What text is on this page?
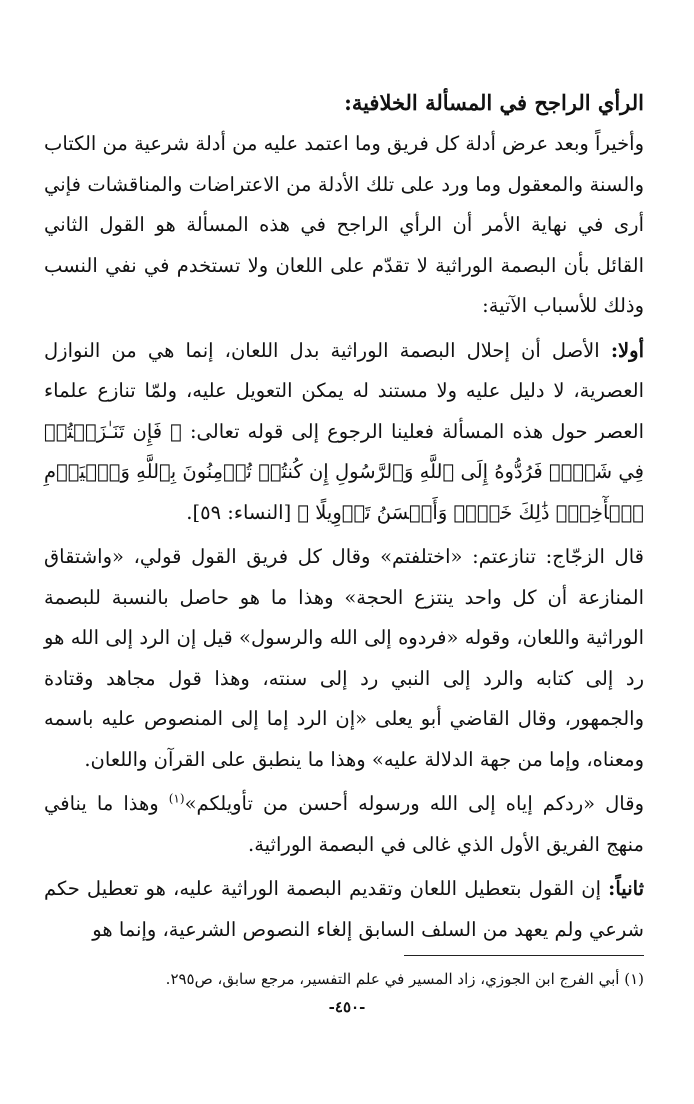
الرأي الراجح في المسألة الخلافية:

وأخيراً وبعد عرض أدلة كل فريق وما اعتمد عليه من أدلة شرعية من الكتاب والسنة والمعقول وما ورد على تلك الأدلة من الاعتراضات والمناقشات فإني أرى في نهاية الأمر أن الرأي الراجح في هذه المسألة هو القول الثاني القائل بأن البصمة الوراثية لا تقدّم على اللعان ولا تستخدم في نفي النسب وذلك للأسباب الآتية:

أولا: الأصل أن إحلال البصمة الوراثية بدل اللعان، إنما هي من النوازل العصرية، لا دليل عليه ولا مستند له يمكن التعويل عليه، ولمّا تنازع علماء العصر حول هذه المسألة فعلينا الرجوع إلى قوله تعالى: ﴿ فَإِن تَنَـٰزَعۡتُمۡ فِي شَيۡءٖ فَرُدُّوهُ إِلَى ٱللَّهِ وَٱلرَّسُولِ إِن كُنتُمۡ تُؤۡمِنُونَ بِٱللَّهِ وَٱلۡيَوۡمِ ٱلۡأٓخِرِۚ ذَٰلِكَ خَيۡرٞ وَأَحۡسَنُ تَأۡوِيلًا ﴾ [النساء: ٥٩].

قال الزجّاج: تنازعتم: «اختلفتم» وقال كل فريق القول قولي، «واشتقاق المنازعة أن كل واحد ينتزع الحجة» وهذا ما هو حاصل بالنسبة للبصمة الوراثية واللعان، وقوله «فردوه إلى الله والرسول» قيل إن الرد إلى الله هو رد إلى كتابه والرد إلى النبي رد إلى سنته، وهذا قول مجاهد وقتادة والجمهور، وقال القاضي أبو يعلى «إن الرد إما إلى المنصوص عليه باسمه ومعناه، وإما من جهة الدلالة عليه» وهذا ما ينطبق على القرآن واللعان.

وقال «ردكم إياه إلى الله ورسوله أحسن من تأويلكم»$^{(١)}$ وهذا ما ينافي منهج الفريق الأول الذي غالى في البصمة الوراثية.

ثانياً: إن القول بتعطيل اللعان وتقديم البصمة الوراثية عليه، هو تعطيل حكم شرعي ولم يعهد من السلف السابق إلغاء النصوص الشرعية، وإنما هو

(١) أبي الفرج ابن الجوزي، زاد المسير في علم التفسير، مرجع سابق، ص٢٩٥.
-٤٥٠-
